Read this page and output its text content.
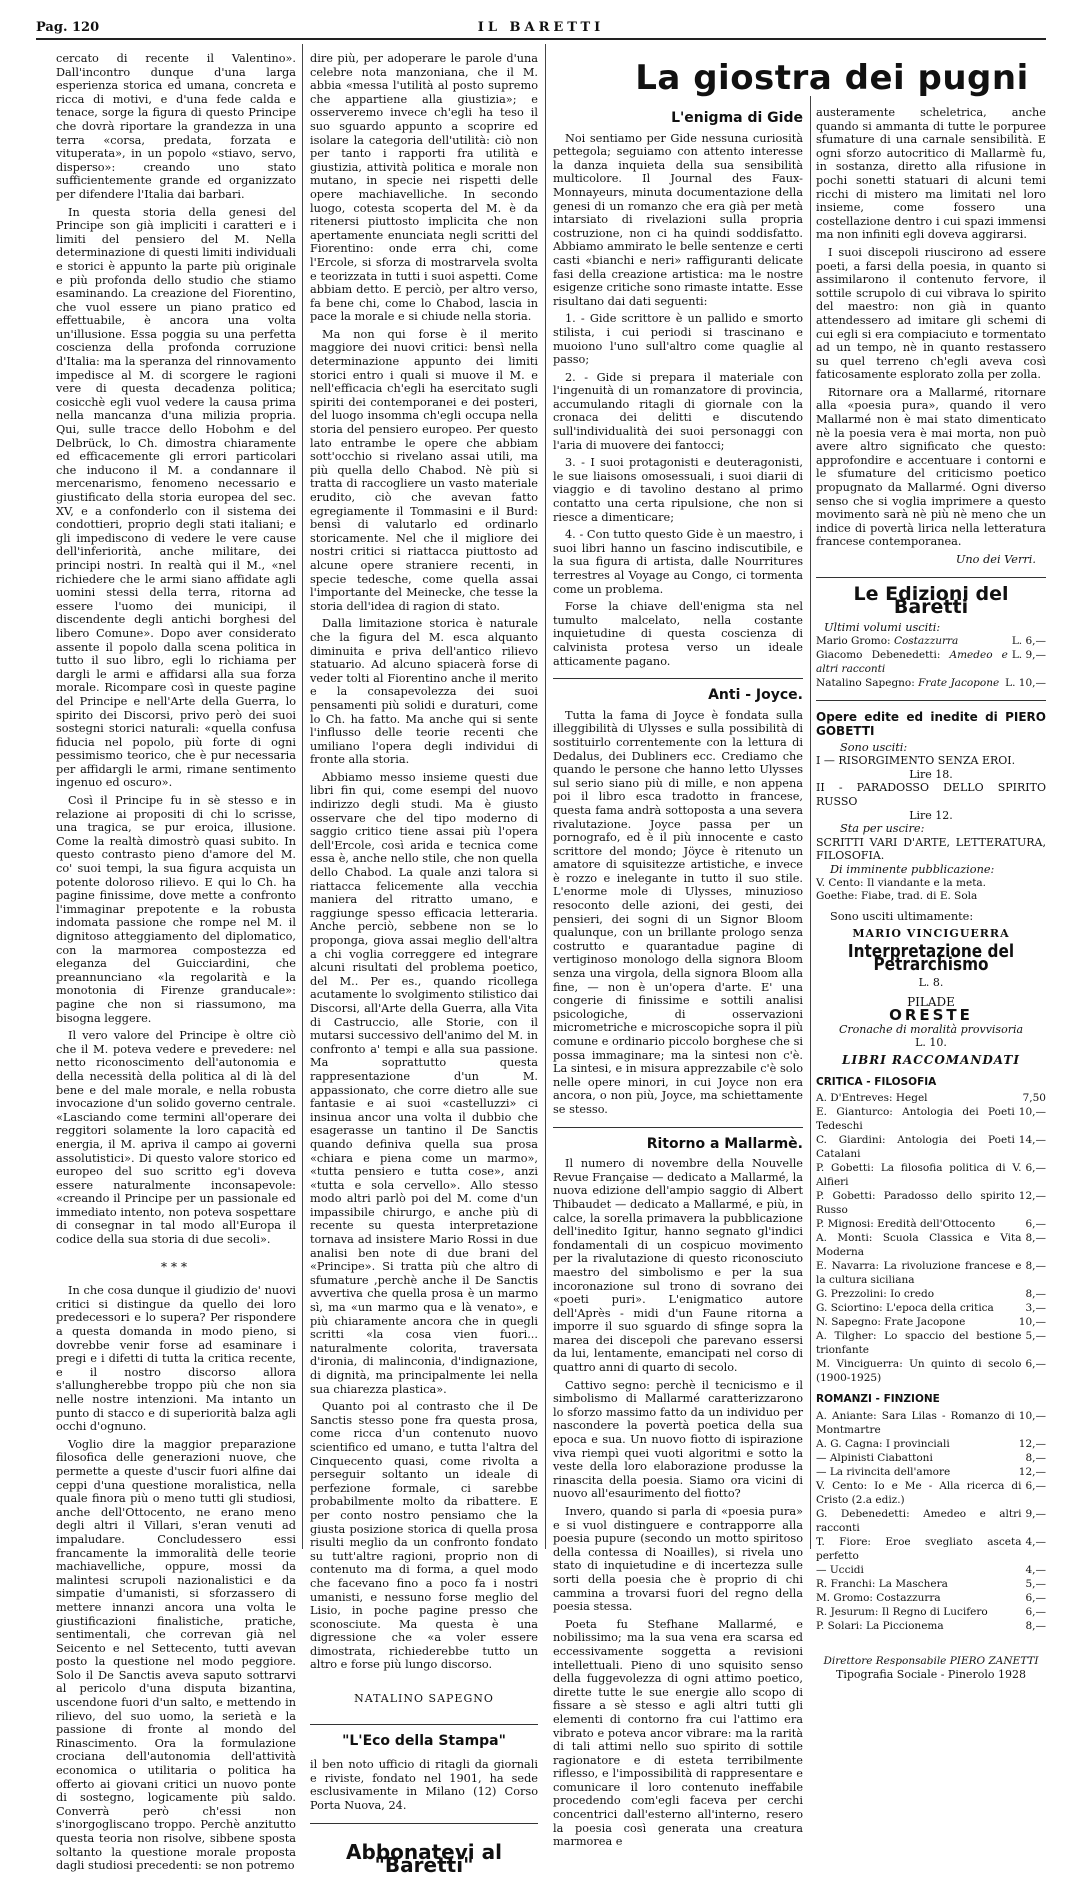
Pag. 120	IL BARETTI

cercato di recente il Valentino». Dall'incontro dunque d'una larga esperienza storica ed umana, concreta e ricca di motivi, e d'una fede calda e tenace, sorge la figura di questo Principe che dovrà riportare la grandezza in una terra «corsa, predata, forzata e vituperata», in un popolo «stiavo, servo, disperso»: creando uno stato sufficientemente grande ed organizzato per difendere l'Italia dai barbari.

In questa storia della genesi del Principe son già impliciti i caratteri e i limiti del pensiero del M. Nella determinazione di questi limiti individuali e storici è appunto la parte più originale e più profonda dello studio che stiamo esaminando. La creazione del Fiorentino, che vuol essere un piano pratico ed effettuabile, è ancora una volta un'illusione. Essa poggia su una perfetta coscienza della profonda corruzione d'Italia: ma la speranza del rinnovamento impedisce al M. di scorgere le ragioni vere di questa decadenza politica; cosicchè egli vuol vedere la causa prima nella mancanza d'una milizia propria. Qui, sulle tracce dello Hobohm e del Delbrück, lo Ch. dimostra chiaramente ed efficacemente gli errori particolari che inducono il M. a condannare il mercenarismo, fenomeno necessario e giustificato della storia europea del sec. XV, e a confonderlo con il sistema dei condottieri, proprio degli stati italiani; e gli impediscono di vedere le vere cause dell'inferiorità, anche militare, dei principi nostri. In realtà qui il M., «nel richiedere che le armi siano affidate agli uomini stessi della terra, ritorna ad essere l'uomo dei municipi, il discendente degli antichi borghesi del libero Comune». Dopo aver considerato assente il popolo dalla scena politica in tutto il suo libro, egli lo richiama per dargli le armi e affidarsi alla sua forza morale. Ricompare così in queste pagine del Principe e nell'Arte della Guerra, lo spirito dei Discorsi, privo però dei suoi sostegni storici naturali: «quella confusa fiducia nel popolo, più forte di ogni pessimismo teorico, che è pur necessaria per affidargli le armi, rimane sentimento ingenuo ed oscuro».

Così il Principe fu in sè stesso e in relazione ai propositi di chi lo scrisse, una tragica, se pur eroica, illusione. Come la realtà dimostrò quasi subito. In questo contrasto pieno d'amore del M. co' suoi tempi, la sua figura acquista un potente doloroso rilievo. E qui lo Ch. ha pagine finissime, dove mette a confronto l'immaginar prepotente e la robusta indomata passione che rompe nel M. il dignitoso atteggiamento del diplomatico, con la marmorea compostezza ed eleganza del Guicciardini, che preannunciano «la regolarità e la monotonia di Firenze granducale»: pagine che non si riassumono, ma bisogna leggere.

Il vero valore del Principe è oltre ciò che il M. poteva vedere e prevedere: nel netto riconoscimento dell'autonomia e della necessità della politica al di là del bene e del male morale, e nella robusta invocazione d'un solido governo centrale. «Lasciando come termini all'operare dei reggitori solamente la loro capacità ed energia, il M. apriva il campo ai governi assolutistici». Di questo valore storico ed europeo del suo scritto eg'i doveva essere naturalmente inconsapevole: «creando il Principe per un passionale ed immediato intento, non poteva sospettare di consegnar in tal modo all'Europa il codice della sua storia di due secoli».

***

In che cosa dunque il giudizio de' nuovi critici si distingue da quello dei loro predecessori e lo supera? Per rispondere a questa domanda in modo pieno, si dovrebbe venir forse ad esaminare i pregi e i difetti di tutta la critica recente, e il nostro discorso allora s'allungherebbe troppo più che non sia nelle nostre intenzioni. Ma intanto un punto di stacco e di superiorità balza agli occhi d'ognuno.

Voglio dire la maggior preparazione filosofica delle generazioni nuove, che permette a queste d'uscir fuori alfine dai ceppi d'una questione moralistica, nella quale finora più o meno tutti gli studiosi, anche dell'Ottocento, ne erano meno degli altri il Villari, s'eran venuti ad impaludare. Concludessero essi francamente la immoralità delle teorie machiavelliche, oppure, mossi da malintesi scrupoli nazionalistici e da simpatie d'umanisti, si sforzassero di mettere innanzi ancora una volta le giustificazioni finalistiche, pratiche, sentimentali, che correvan già nel Seicento e nel Settecento, tutti avevan posto la questione nel modo peggiore. Solo il De Sanctis aveva saputo sottrarvi al pericolo d'una disputa bizantina, uscendone fuori d'un salto, e mettendo in rilievo, del suo uomo, la serietà e la passione di fronte al mondo del Rinascimento. Ora la formulazione crociana dell'autonomia dell'attività economica o utilitaria o politica ha offerto ai giovani critici un nuovo ponte di sostegno, logicamente più saldo. Converrà però ch'essi non s'inorgogliscano troppo. Perchè anzitutto questa teoria non risolve, sibbene sposta soltanto la questione morale proposta dagli studiosi precedenti: se non potremo

dire più, per adoperare le parole d'una celebre nota manzoniana, che il M. abbia «messa l'utilità al posto supremo che appartiene alla giustizia»; e osserveremo invece ch'egli ha teso il suo sguardo appunto a scoprire ed isolare la categoria dell'utilità: ciò non per tanto i rapporti fra utilità e giustizia, attività politica e morale non mutano, in specie nei rispetti delle opere machiavelliche. In secondo luogo, cotesta scoperta del M. è da ritenersi piuttosto implicita che non apertamente enunciata negli scritti del Fiorentino: onde erra chi, come l'Ercole, si sforza di mostrarvela svolta e teorizzata in tutti i suoi aspetti. Come abbiam detto. E perciò, per altro verso, fa bene chi, come lo Chabod, lascia in pace la morale e si chiude nella storia.

Ma non qui forse è il merito maggiore dei nuovi critici: bensì nella determinazione appunto dei limiti storici entro i quali si muove il M. e nell'efficacia ch'egli ha esercitato sugli spiriti dei contemporanei e dei posteri, del luogo insomma ch'egli occupa nella storia del pensiero europeo. Per questo lato entrambe le opere che abbiam sott'occhio si rivelano assai utili, ma più quella dello Chabod. Nè più si tratta di raccogliere un vasto materiale erudito, ciò che avevan fatto egregiamente il Tommasini e il Burd: bensì di valutarlo ed ordinarlo storicamente. Nel che il migliore dei nostri critici si riattacca piuttosto ad alcune opere straniere recenti, in specie tedesche, come quella assai l'importante del Meinecke, che tesse la storia dell'idea di ragion di stato.

Dalla limitazione storica è naturale che la figura del M. esca alquanto diminuita e priva dell'antico rilievo statuario. Ad alcuno spiacerà forse di veder tolti al Fiorentino anche il merito e la consapevolezza dei suoi pensamenti più solidi e duraturi, come lo Ch. ha fatto. Ma anche qui si sente l'influsso delle teorie recenti che umiliano l'opera degli individui di fronte alla storia.

Abbiamo messo insieme questi due libri fin qui, come esempi del nuovo indirizzo degli studi. Ma è giusto osservare che del tipo moderno di saggio critico tiene assai più l'opera dell'Ercole, così arida e tecnica come essa è, anche nello stile, che non quella dello Chabod. La quale anzi talora si riattacca felicemente alla vecchia maniera del ritratto umano, e raggiunge spesso efficacia letteraria. Anche perciò, sebbene non se lo proponga, giova assai meglio dell'altra a chi voglia correggere ed integrare alcuni risultati del problema poetico, del M.. Per es., quando ricollega acutamente lo svolgimento stilistico dai Discorsi, all'Arte della Guerra, alla Vita di Castruccio, alle Storie, con il mutarsi successivo dell'animo del M. in confronto a' tempi e alla sua passione. Ma soprattutto questa rappresentazione d'un M. appassionato, che corre dietro alle sue fantasie e ai suoi «castelluzzi» ci insinua ancor una volta il dubbio che esagerasse un tantino il De Sanctis quando definiva quella sua prosa «chiara e piena come un marmo», «tutta pensiero e tutta cose», anzi «tutta e sola cervello». Allo stesso modo altri parlò poi del M. come d'un impassibile chirurgo, e anche più di recente su questa interpretazione tornava ad insistere Mario Rossi in due analisi ben note di due brani del «Principe». Si tratta più che altro di sfumature ,perchè anche il De Sanctis avvertiva che quella prosa è un marmo sì, ma «un marmo qua e là venato», e più chiaramente ancora che in quegli scritti «la cosa vien fuori... naturalmente colorita, traversata d'ironia, di malinconia, d'indignazione, di dignità, ma principalmente lei nella sua chiarezza plastica».

Quanto poi al contrasto che il De Sanctis stesso pone fra questa prosa, come ricca d'un contenuto nuovo scientifico ed umano, e tutta l'altra del Cinquecento quasi, come rivolta a perseguir soltanto un ideale di perfezione formale, ci sarebbe probabilmente molto da ribattere. E per conto nostro pensiamo che la giusta posizione storica di quella prosa risulti meglio da un confronto fondato su tutt'altre ragioni, proprio non di contenuto ma di forma, a quel modo che facevano fino a poco fa i nostri umanisti, e nessuno forse meglio del Lisio, in poche pagine presso che sconosciute. Ma questa è una digressione che «a voler essere dimostrata, richiederebbe tutto un altro e forse più lungo discorso.

NATALINO SAPEGNO
"L'Eco della Stampa"

il ben noto ufficio di ritagli da giornali e riviste, fondato nel 1901, ha sede esclusivamente in Milano (12) Corso Porta Nuova, 24.

Abbonatevi al "Baretti"
La giostra dei pugni
L'enigma di Gide

Noi sentiamo per Gide nessuna curiosità pettegola; seguiamo con attento interesse la danza inquieta della sua sensibilità multicolore. Il Journal des Faux-Monnayeurs, minuta documentazione della genesi di un romanzo che era già per metà intarsiato di rivelazioni sulla propria costruzione, non ci ha quindi soddisfatto. Abbiamo ammirato le belle sentenze e certi casti «bianchi e neri» raffiguranti delicate fasi della creazione artistica: ma le nostre esigenze critiche sono rimaste intatte. Esse risultano dai dati seguenti:

1. - Gide scrittore è un pallido e smorto stilista, i cui periodi si trascinano e muoiono l'uno sull'altro come quaglie al passo;

2. - Gide si prepara il materiale con l'ingenuità di un romanzatore di provincia, accumulando ritagli di giornale con la cronaca dei delitti e discutendo sull'individualità dei suoi personaggi con l'aria di muovere dei fantocci;

3. - I suoi protagonisti e deuteragonisti, le sue liaisons omosessuali, i suoi diarii di viaggio e di tavolino destano al primo contatto una certa ripulsione, che non si riesce a dimenticare;

4. - Con tutto questo Gide è un maestro, i suoi libri hanno un fascino indiscutibile, e la sua figura di artista, dalle Nourritures terrestres al Voyage au Congo, ci tormenta come un problema.

Forse la chiave dell'enigma sta nel tumulto malcelato, nella costante inquietudine di questa coscienza di calvinista protesa verso un ideale atticamente pagano.

Anti - Joyce.

Tutta la fama di Joyce è fondata sulla illeggibilità di Ulysses e sulla possibilità di sostituirlo correntemente con la lettura di Dedalus, dei Dubliners ecc. Crediamo che quando le persone che hanno letto Ulysses sul serio siano più di mille, e non appena poi il libro esca tradotto in francese, questa fama andrà sottoposta a una severa rivalutazione. Joyce passa per un pornografo, ed è il più innocente e casto scrittore del mondo; Jöyce è ritenuto un amatore di squisitezze artistiche, e invece è rozzo e inelegante in tutto il suo stile. L'enorme mole di Ulysses, minuzioso resoconto delle azioni, dei gesti, dei pensieri, dei sogni di un Signor Bloom qualunque, con un brillante prologo senza costrutto e quarantadue pagine di vertiginoso monologo della signora Bloom senza una virgola, della signora Bloom alla fine, — non è un'opera d'arte. E' una congerie di finissime e sottili analisi psicologiche, di osservazioni micrometriche e microscopiche sopra il più comune e ordinario piccolo borghese che si possa immaginare; ma la sintesi non c'è. La sintesi, e in misura apprezzabile c'è solo nelle opere minori, in cui Joyce non era ancora, o non più, Joyce, ma schiettamente se stesso.

Ritorno a Mallarmè.

Il numero di novembre della Nouvelle Revue Française — dedicato a Mallarmé, la nuova edizione dell'ampio saggio di Albert Thibaudet — dedicato a Mallarmé, e più, in calce, la sorella primavera la pubblicazione dell'inedito Igitur, hanno segnato gl'indici fondamentali di un cospicuo movimento per la rivalutazione di questo riconosciuto maestro del simbolismo e per la sua incoronazione sul trono di sovrano dei «poeti puri». L'enigmatico autore dell'Après - midi d'un Faune ritorna a imporre il suo sguardo di sfinge sopra la marea dei discepoli che parevano essersi da lui, lentamente, emancipati nel corso di quattro anni di quarto di secolo.

Cattivo segno: perchè il tecnicismo e il simbolismo di Mallarmé caratterizzarono lo sforzo massimo fatto da un individuo per nascondere la povertà poetica della sua epoca e sua. Un nuovo fiotto di ispirazione viva riempì quei vuoti algoritmi e sotto la veste della loro elaborazione produsse la rinascita della poesia. Siamo ora vicini di nuovo all'esaurimento del fiotto?

Invero, quando si parla di «poesia pura» e si vuol distinguere e contrapporre alla poesia pupure (secondo un motto spiritoso della contessa di Noailles), si rivela uno stato di inquietudine e di incertezza sulle sorti della poesia che è proprio di chi cammina a trovarsi fuori del regno della poesia stessa.

Poeta fu Stefhane Mallarmé, e nobilissimo; ma la sua vena era scarsa ed eccessivamente soggetta a revisioni intellettuali. Pieno di uno squisito senso della fuggevolezza di ogni attimo poetico, dirette tutte le sue energie allo scopo di fissare a sè stesso e agli altri tutti gli elementi di contorno fra cui l'attimo era vibrato e poteva ancor vibrare: ma la rarità di tali attimi nello suo spirito di sottile ragionatore e di esteta terribilmente riflesso, e l'impossibilità di rappresentare e comunicare il loro contenuto ineffabile procedendo com'egli faceva per cerchi concentrici dall'esterno all'interno, resero la poesia così generata una creatura marmorea e

austeramente scheletrica, anche quando si ammanta di tutte le porpuree sfumature di una carnale sensibilità. E ogni sforzo autocritico di Mallarmè fu, in sostanza, diretto alla rifusione in pochi sonetti statuari di alcuni temi ricchi di mistero ma limitati nel loro insieme, come fossero una costellazione dentro i cui spazi immensi ma non infiniti egli doveva aggirarsi.

I suoi discepoli riuscirono ad essere poeti, a farsi della poesia, in quanto si assimilarono il contenuto fervore, il sottile scrupolo di cui vibrava lo spirito del maestro: non già in quanto attendessero ad imitare gli schemi di cui egli si era compiaciuto e tormentato ad un tempo, nè in quanto restassero su quel terreno ch'egli aveva così faticosamente esplorato zolla per zolla.

Ritornare ora a Mallarmé, ritornare alla «poesia pura», quando il vero Mallarmé non è mai stato dimenticato nè la poesia vera è mai morta, non può avere altro significato che questo: approfondire e accentuare i contorni e le sfumature del criticismo poetico propugnato da Mallarmé. Ogni diverso senso che si voglia imprimere a questo movimento sarà nè più nè meno che un indice di povertà lirica nella letteratura francese contemporanea.

Uno dei Verri.
Le Edizioni del Baretti
Ultimi volumi usciti:
Mario Gromo: Costazzurra	L. 6,—
Giacomo Debenedetti: Amedeo e altri racconti
L. 9,—
Natalino Sapegno: Frate Jacopone L. 10,—
Opere edite ed inedite di PIERO GOBETTI
Sono usciti:
I — RISORGIMENTO SENZA EROI.
Lire 18.
II - PARADOSSO DELLO SPIRITO RUSSO
Lire 12.
Sta per uscire:
SCRITTI VARI D'ARTE, LETTERATURA, FILOSOFIA.
Di imminente pubblicazione:
V. Cento: Il viandante e la meta.
Goethe: Fiabe, trad. di E. Sola
Sono usciti ultimamente:
MARIO VINCIGUERRA
Interpretazione del Petrarchismo
L. 8.
PILADE
ORESTE
Cronache di moralità provvisoria
L. 10.
LIBRI RACCOMANDATI
CRITICA - FILOSOFIA
A. D'Entreves: Hegel	7,50
E. Gianturco: Antologia dei Poeti Tedeschi
10,—
C. Giardini: Antologia dei Poeti Catalani
14,—
P. Gobetti: La filosofia politica di V. Alfieri
6,—
P. Gobetti: Paradosso dello spirito Russo
12,—
P. Mignosi: Eredità dell'Ottocento	6,—
A. Monti: Scuola Classica e Vita Moderna
8,—
E. Navarra: La rivoluzione francese e la cultura siciliana
8,—
G. Prezzolini: Io credo	8,—
G. Sciortino: L'epoca della critica	3,—
N. Sapegno: Frate Jacopone	10,—
A. Tilgher: Lo spaccio del bestione trionfante
5,—
M. Vinciguerra: Un quinto di secolo (1900-1925)
6,—
ROMANZI - FINZIONE
A. Aniante: Sara Lilas - Romanzo di Montmartre
10,—
A. G. Cagna: I provinciali	12,—
— Alpinisti Ciabattoni	8,—
— La rivincita dell'amore	12,—
V. Cento: Io e Me - Alla ricerca di Cristo (2.a ediz.)
6,—
G. Debenedetti: Amedeo e altri racconti
9,—
T. Fiore: Eroe svegliato asceta perfetto
4,—
— Uccidi	4,—
R. Franchi: La Maschera	5,—
M. Gromo: Costazzurra	6,—
R. Jesurum: Il Regno di Lucifero	6,—
P. Solari: La Piccionema	8,—
Direttore Responsabile PIERO ZANETTI
Tipografia Sociale - Pinerolo 1928
